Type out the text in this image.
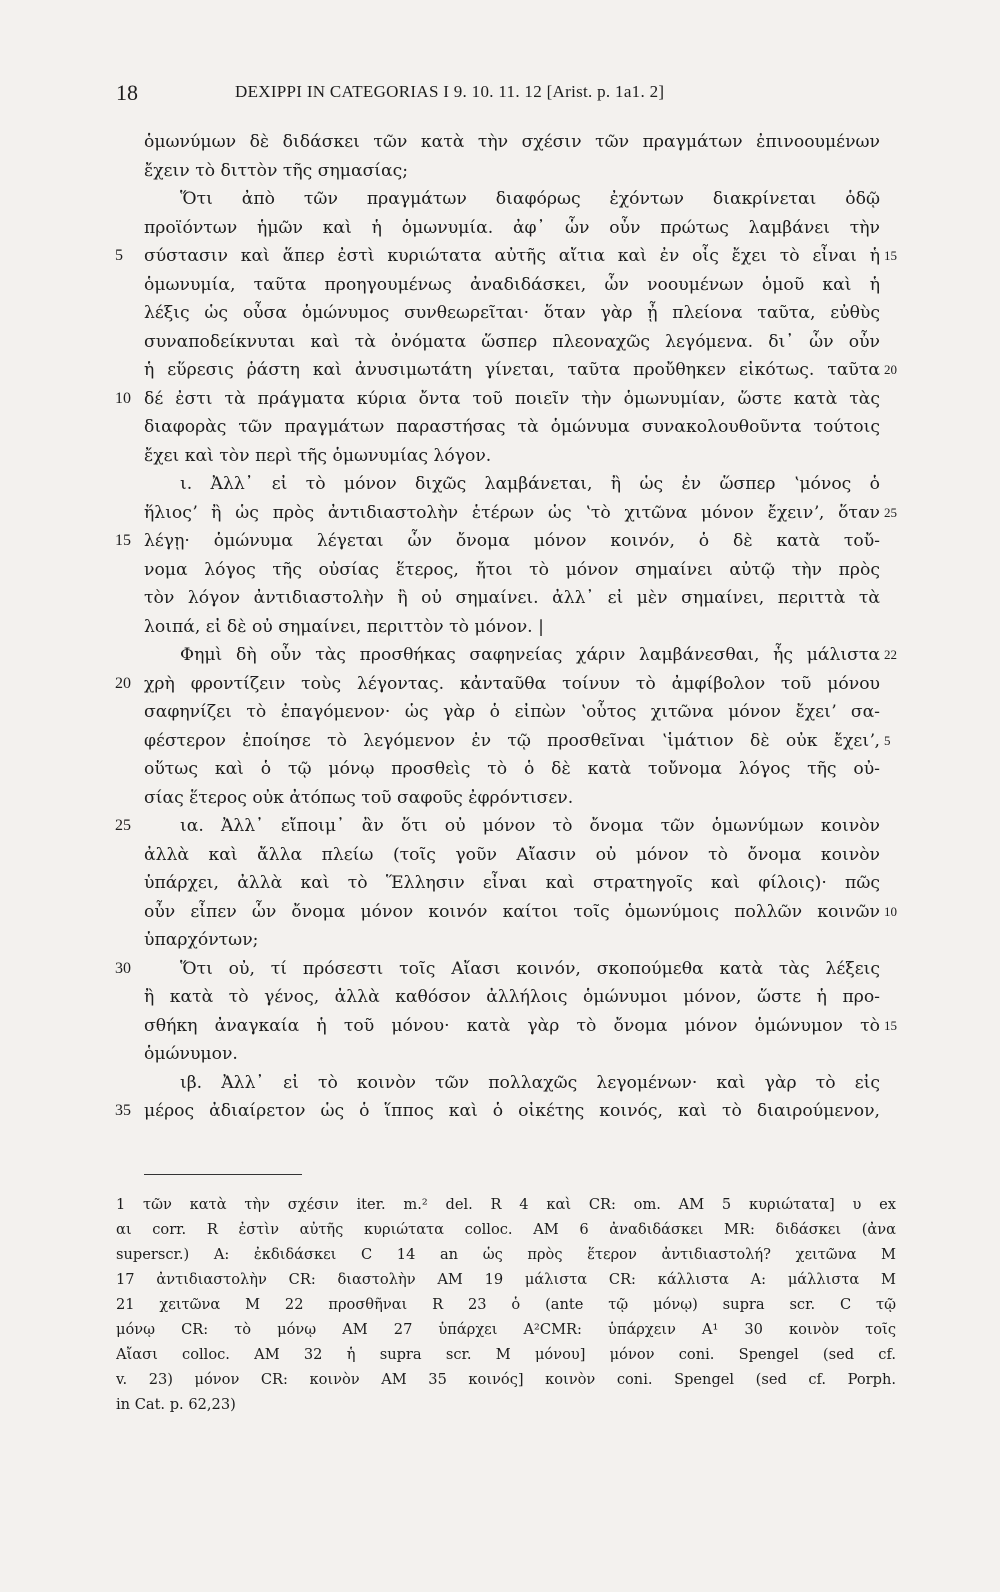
18	DEXIPPI IN CATEGORIAS I 9. 10. 11. 12 [Arist. p. 1a1. 2]
ὁμωνύμων δὲ διδάσκει τῶν κατὰ τὴν σχέσιν τῶν πραγμάτων ἐπινοουμένων
ἔχειν τὸ διττὸν τῆς σημασίας;
Ὅτι ἀπὸ τῶν πραγμάτων διαφόρως ἐχόντων διακρίνεται ὁδῷ
προϊόντων ἡμῶν καὶ ἡ ὁμωνυμία. ἀφ᾽ ὧν οὖν πρώτως λαμβάνει τὴν
5 σύστασιν καὶ ἅπερ ἐστὶ κυριώτατα αὐτῆς αἴτια καὶ ἐν οἷς ἔχει τὸ εἶναι ἡ 15
ὁμωνυμία, ταῦτα προηγουμένως ἀναδιδάσκει, ὧν νοουμένων ὁμοῦ καὶ ἡ
λέξις ὡς οὖσα ὁμώνυμος συνθεωρεῖται· ὅταν γὰρ ᾖ πλείονα ταῦτα, εὐθὺς
συναποδείκνυται καὶ τὰ ὀνόματα ὥσπερ πλεοναχῶς λεγόμενα. δι᾽ ὧν οὖν
ἡ εὕρεσις ῥάστη καὶ ἀνυσιμωτάτη γίνεται, ταῦτα προὔθηκεν εἰκότως. ταῦτα 20
10 δέ ἐστι τὰ πράγματα κύρια ὄντα τοῦ ποιεῖν τὴν ὁμωνυμίαν, ὥστε κατὰ τὰς
διαφορὰς τῶν πραγμάτων παραστήσας τὰ ὁμώνυμα συνακολουθοῦντα τούτοις
ἔχει καὶ τὸν περὶ τῆς ὁμωνυμίας λόγον.
ι. Ἀλλ᾽ εἰ τὸ μόνον διχῶς λαμβάνεται, ἢ ὡς ἐν ὥσπερ ʽμόνος ὁ
ἥλιοςʼ ἢ ὡς πρὸς ἀντιδιαστολὴν ἑτέρων ὡς ʽτὸ χιτῶνα μόνον ἔχεινʼ, ὅταν 25
15 λέγῃ· ὁμώνυμα λέγεται ὧν ὄνομα μόνον κοινόν, ὁ δὲ κατὰ τοὔ-
νομα λόγος τῆς οὐσίας ἕτερος, ἤτοι τὸ μόνον σημαίνει αὐτῷ τὴν πρὸς
τὸν λόγον ἀντιδιαστολὴν ἢ οὐ σημαίνει. ἀλλ᾽ εἰ μὲν σημαίνει, περιττὰ τὰ
λοιπά, εἰ δὲ οὐ σημαίνει, περιττὸν τὸ μόνον. |
Φημὶ δὴ οὖν τὰς προσθήκας σαφηνείας χάριν λαμβάνεσθαι, ἧς μάλιστα 22
20 χρὴ φροντίζειν τοὺς λέγοντας. κἀνταῦθα τοίνυν τὸ ἀμφίβολον τοῦ μόνου
σαφηνίζει τὸ ἐπαγόμενον· ὡς γὰρ ὁ εἰπὼν ʽοὗτος χιτῶνα μόνον ἔχειʼ σα-
φέστερον ἐποίησε τὸ λεγόμενον ἐν τῷ προσθεῖναι ʽἱμάτιον δὲ οὐκ ἔχειʼ, 5
οὕτως καὶ ὁ τῷ μόνῳ προσθεὶς τὸ ὁ δὲ κατὰ τοὔνομα λόγος τῆς οὐ-
σίας ἕτερος οὐκ ἀτόπως τοῦ σαφοῦς ἐφρόντισεν.
25	ια. Ἀλλ᾽ εἴποιμ᾽ ἂν ὅτι οὐ μόνον τὸ ὄνομα τῶν ὁμωνύμων κοινὸν
ἀλλὰ καὶ ἄλλα πλείω (τοῖς γοῦν Αἴασιν οὐ μόνον τὸ ὄνομα κοινὸν
ὑπάρχει, ἀλλὰ καὶ τὸ Ἕλλησιν εἶναι καὶ στρατηγοῖς καὶ φίλοις)· πῶς
οὖν εἶπεν ὧν ὄνομα μόνον κοινόν καίτοι τοῖς ὁμωνύμοις πολλῶν κοινῶν 10
ὑπαρχόντων;
30	Ὅτι οὐ, τί πρόσεστι τοῖς Αἴασι κοινόν, σκοπούμεθα κατὰ τὰς λέξεις
ἢ κατὰ τὸ γένος, ἀλλὰ καθόσον ἀλλήλοις ὁμώνυμοι μόνον, ὥστε ἡ προ-
σθήκη ἀναγκαία ἡ τοῦ μόνου· κατὰ γὰρ τὸ ὄνομα μόνον ὁμώνυμον τὸ 15
ὁμώνυμον.
ιβ. Ἀλλ᾽ εἰ τὸ κοινὸν τῶν πολλαχῶς λεγομένων· καὶ γὰρ τὸ εἰς
35 μέρος ἀδιαίρετον ὡς ὁ ἵππος καὶ ὁ οἰκέτης κοινός, καὶ τὸ διαιρούμενον,
1 τῶν κατὰ τὴν σχέσιν iter. m.² del. R 4 καὶ CR: om. AM 5 κυριώτατα] υ ex
αι corr. R ἐστὶν αὐτῆς κυριώτατα colloc. AM 6 ἀναδιδάσκει MR: διδάσκει (ἀνα
superscr.) A: ἐκδιδάσκει C 14 an ὡς πρὸς ἕτερον ἀντιδιαστολή? χειτῶνα M
17 ἀντιδιαστολὴν CR: διαστολὴν AM 19 μάλιστα CR: κάλλιστα A: μάλλιστα M
21 χειτῶνα M 22 προσθῆναι R 23 ὁ (ante τῷ μόνῳ) supra scr. C τῷ
μόνῳ CR: τὸ μόνῳ AM 27 ὑπάρχει A²CMR: ὑπάρχειν A¹ 30 κοινὸν τοῖς
Αἴασι colloc. AM 32 ἡ supra scr. M μόνου] μόνον coni. Spengel (sed cf.
v. 23) μόνον CR: κοινὸν AM 35 κοινός] κοινὸν coni. Spengel (sed cf. Porph.
in Cat. p. 62,23)
